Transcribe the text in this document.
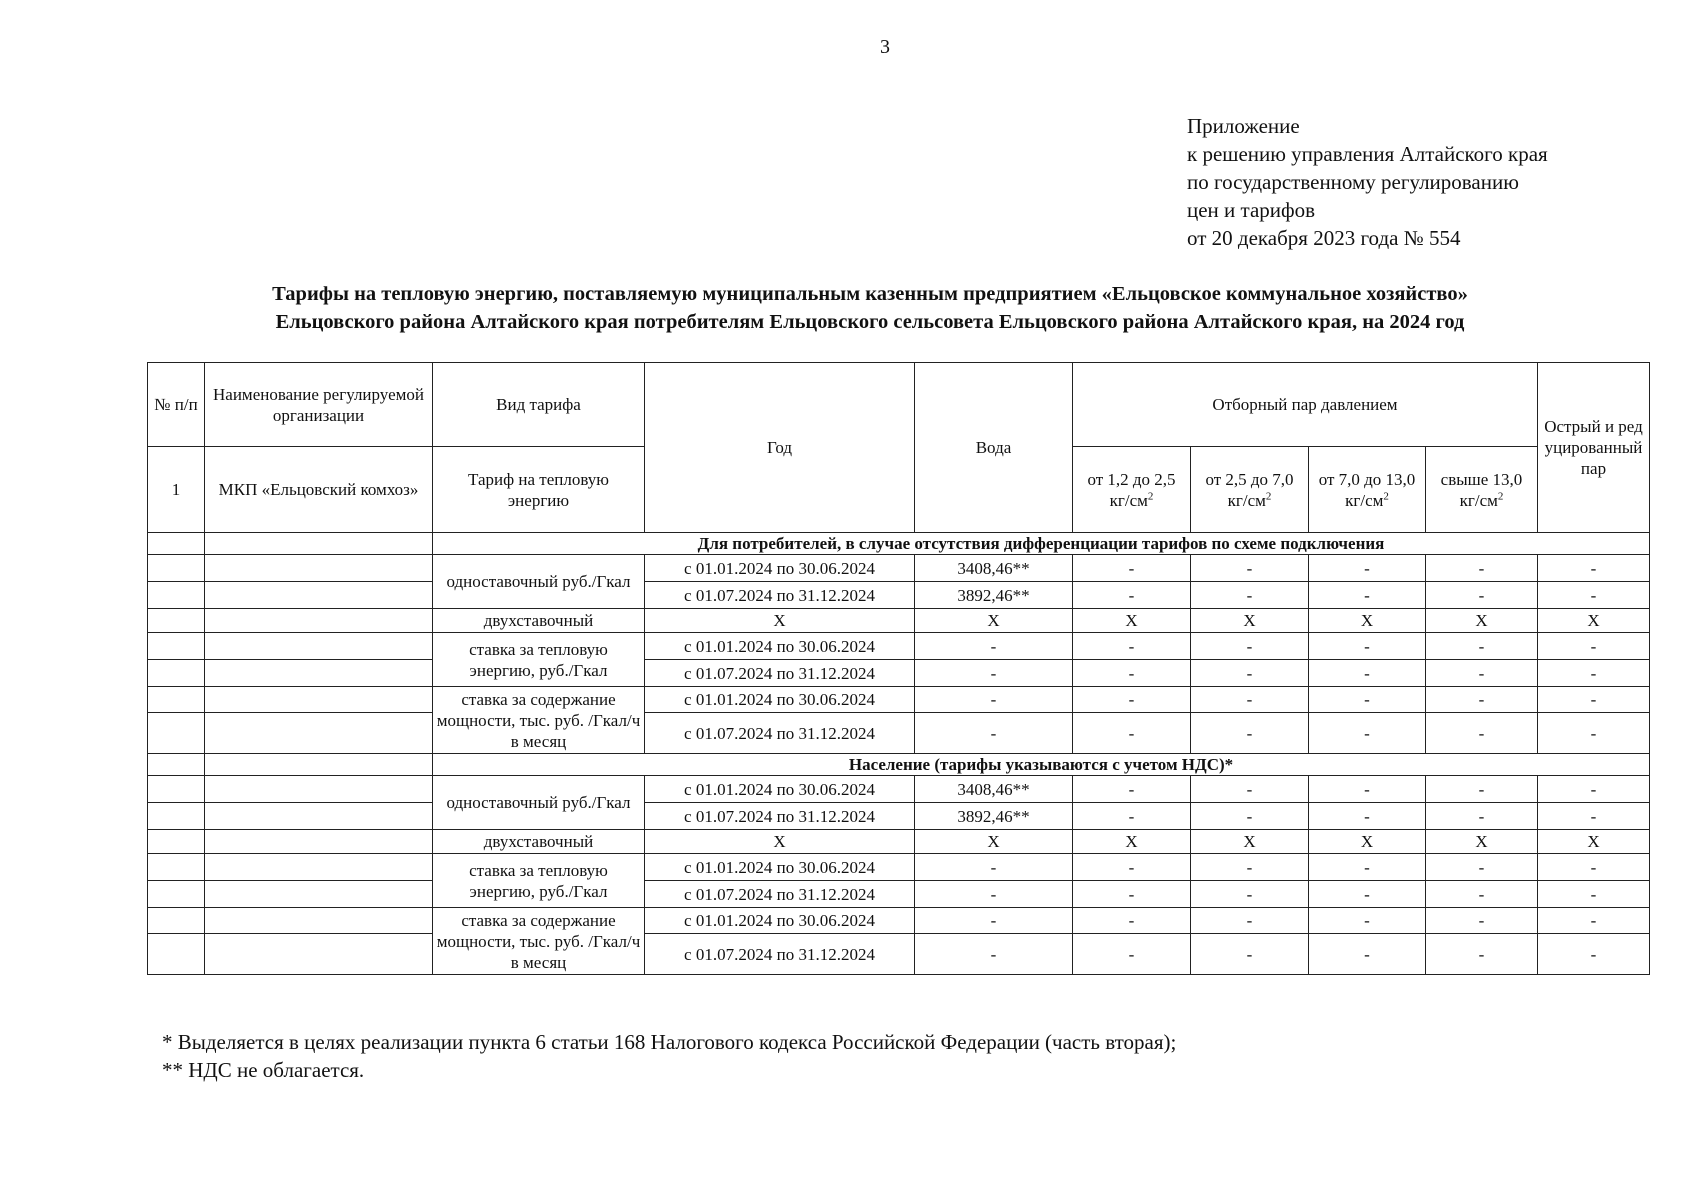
3
Приложение
к решению управления Алтайского края
по государственному регулированию
цен и тарифов
от 20 декабря 2023 года № 554
Тарифы на тепловую энергию, поставляемую муниципальным казенным предприятием «Ельцовское коммунальное хозяйство»
Ельцовского района Алтайского края потребителям Ельцовского сельсовета Ельцовского района Алтайского края, на 2024 год
№ п/п	Наименование регулируемой организации	Вид тарифа	Год	Вода	Отборный пар давлением				Острый и редуцированный пар
1	МКП «Ельцовский комхоз»	Тариф на тепловую энергию			от 1,2 до 2,5 $кг/см^2$	от 2,5 до 7,0 $кг/см^2$	от 7,0 до 13,0 $кг/см^2$	свыше 13,0 $кг/см^2$
		Для потребителей, в случае отсутствия дифференциации тарифов по схеме подключения							
		одноставочный руб./Гкал	с 01.01.2024 по 30.06.2024	3408,46**	-	-	-	-	-
			с 01.07.2024 по 31.12.2024	3892,46**	-	-	-	-	-
		двухставочный	Х	Х	Х	Х	Х	Х	Х
		ставка за тепловую энергию, руб./Гкал	с 01.01.2024 по 30.06.2024	-	-	-	-	-	-
			с 01.07.2024 по 31.12.2024	-	-	-	-	-	-
		ставка за содержание мощности, тыс. руб. /Гкал/ч в месяц	с 01.01.2024 по 30.06.2024	-	-	-	-	-	-
			с 01.07.2024 по 31.12.2024	-	-	-	-	-	-
		Население (тарифы указываются с учетом НДС)*							
		одноставочный руб./Гкал	с 01.01.2024 по 30.06.2024	3408,46**	-	-	-	-	-
			с 01.07.2024 по 31.12.2024	3892,46**	-	-	-	-	-
		двухставочный	Х	Х	Х	Х	Х	Х	Х
		ставка за тепловую энергию, руб./Гкал	с 01.01.2024 по 30.06.2024	-	-	-	-	-	-
			с 01.07.2024 по 31.12.2024	-	-	-	-	-	-
		ставка за содержание мощности, тыс. руб. /Гкал/ч в месяц	с 01.01.2024 по 30.06.2024	-	-	-	-	-	-
			с 01.07.2024 по 31.12.2024	-	-	-	-	-	-
* Выделяется в целях реализации пункта 6 статьи 168 Налогового кодекса Российской Федерации (часть вторая);
** НДС не облагается.
